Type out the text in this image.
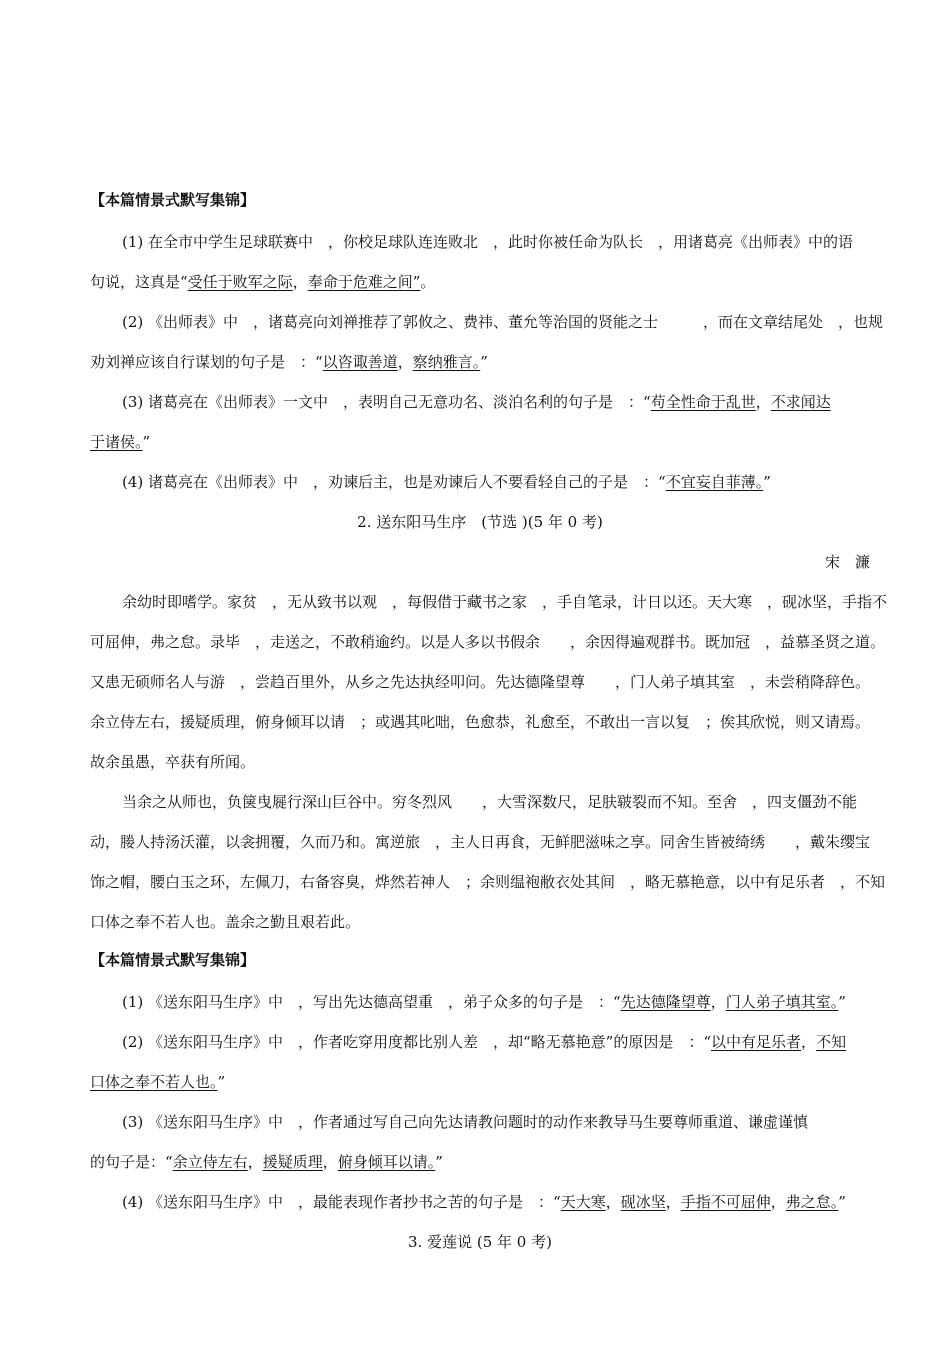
【本篇情景式默写集锦】
(1) 在全市中学生足球联赛中　，你校足球队连连败北　，此时你被任命为队长　，用诸葛亮《出师表》中的语
句说，这真是“受任于败军之际，奉命于危难之间”。
(2) 《出师表》中　，诸葛亮向刘禅推荐了郭攸之、费祎、董允等治国的贤能之士　　　，而在文章结尾处　，也规
劝刘禅应该自行谋划的句子是　：“以咨诹善道，察纳雅言。”
(3) 诸葛亮在《出师表》一文中　，表明自己无意功名、淡泊名利的句子是　：“苟全性命于乱世，不求闻达
于诸侯。”
(4) 诸葛亮在《出师表》中　，劝谏后主，也是劝谏后人不要看轻自己的子是　：“不宜妄自菲薄。”
2. 送东阳马生序　(节选 )(5 年 0 考)
宋　濂
余幼时即嗜学。家贫　，无从致书以观　，每假借于藏书之家　，手自笔录，计日以还。天大寒　，砚冰坚，手指不
可屈伸，弗之怠。录毕　，走送之，不敢稍逾约。以是人多以书假余　　，余因得遍观群书。既加冠　，益慕圣贤之道。
又患无硕师名人与游　，尝趋百里外，从乡之先达执经叩问。先达德隆望尊　　，门人弟子填其室　，未尝稍降辞色。
余立侍左右，援疑质理，俯身倾耳以请　；或遇其叱咄，色愈恭，礼愈至，不敢出一言以复　；俟其欣悦，则又请焉。
故余虽愚，卒获有所闻。
当余之从师也，负箧曳屣行深山巨谷中。穷冬烈风　　，大雪深数尺，足肤皲裂而不知。至舍　，四支僵劲不能
动，媵人持汤沃灌，以衾拥覆，久而乃和。寓逆旅　，主人日再食，无鲜肥滋味之享。同舍生皆被绮绣　　，戴朱缨宝
饰之帽，腰白玉之环，左佩刀，右备容臭，烨然若神人　；余则缊袍敝衣处其间　，略无慕艳意，以中有足乐者　，不知
口体之奉不若人也。盖余之勤且艰若此。
【本篇情景式默写集锦】
(1) 《送东阳马生序》中　，写出先达德高望重　，弟子众多的句子是　：“先达德隆望尊，门人弟子填其室。”
(2) 《送东阳马生序》中　，作者吃穿用度都比别人差　，却“略无慕艳意”的原因是　：“以中有足乐者，不知
口体之奉不若人也。”
(3) 《送东阳马生序》中　，作者通过写自己向先达请教问题时的动作来教导马生要尊师重道、谦虚谨慎
的句子是：“余立侍左右，援疑质理，俯身倾耳以请。”
(4) 《送东阳马生序》中　，最能表现作者抄书之苦的句子是　：“天大寒，砚冰坚，手指不可屈伸，弗之怠。”
3. 爱莲说 (5 年 0 考)
